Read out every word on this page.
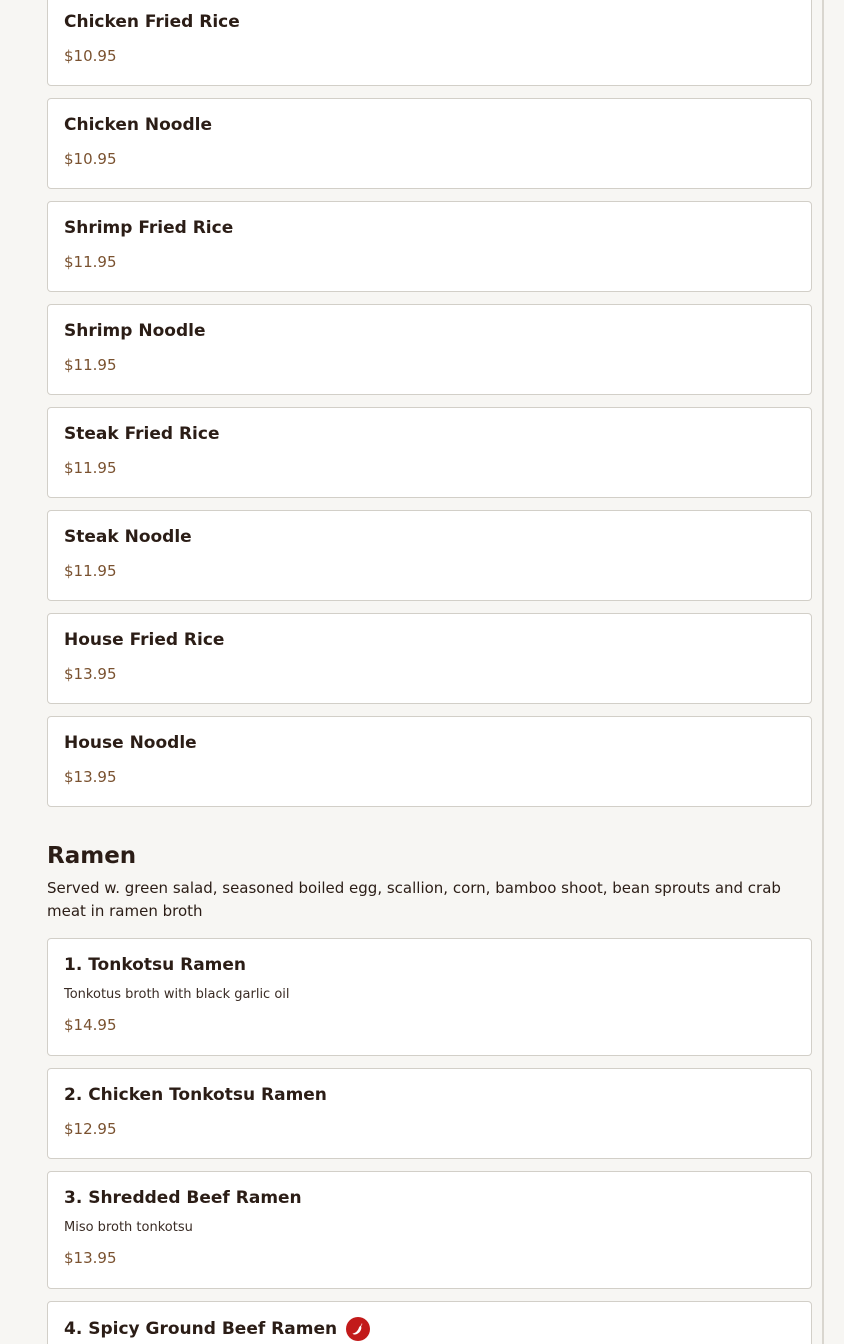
Chicken Fried Rice
$10.95
Chicken Noodle
$10.95
Shrimp Fried Rice
$11.95
Shrimp Noodle
$11.95
Steak Fried Rice
$11.95
Steak Noodle
$11.95
House Fried Rice
$13.95
House Noodle
$13.95
Ramen
Served w. green salad, seasoned boiled egg, scallion, corn, bamboo shoot, bean sprouts and crab meat in ramen broth
1. Tonkotsu Ramen
Tonkotus broth with black garlic oil
$14.95
2. Chicken Tonkotsu Ramen
$12.95
3. Shredded Beef Ramen
Miso broth tonkotsu
$13.95
4. Spicy Ground Beef Ramen
